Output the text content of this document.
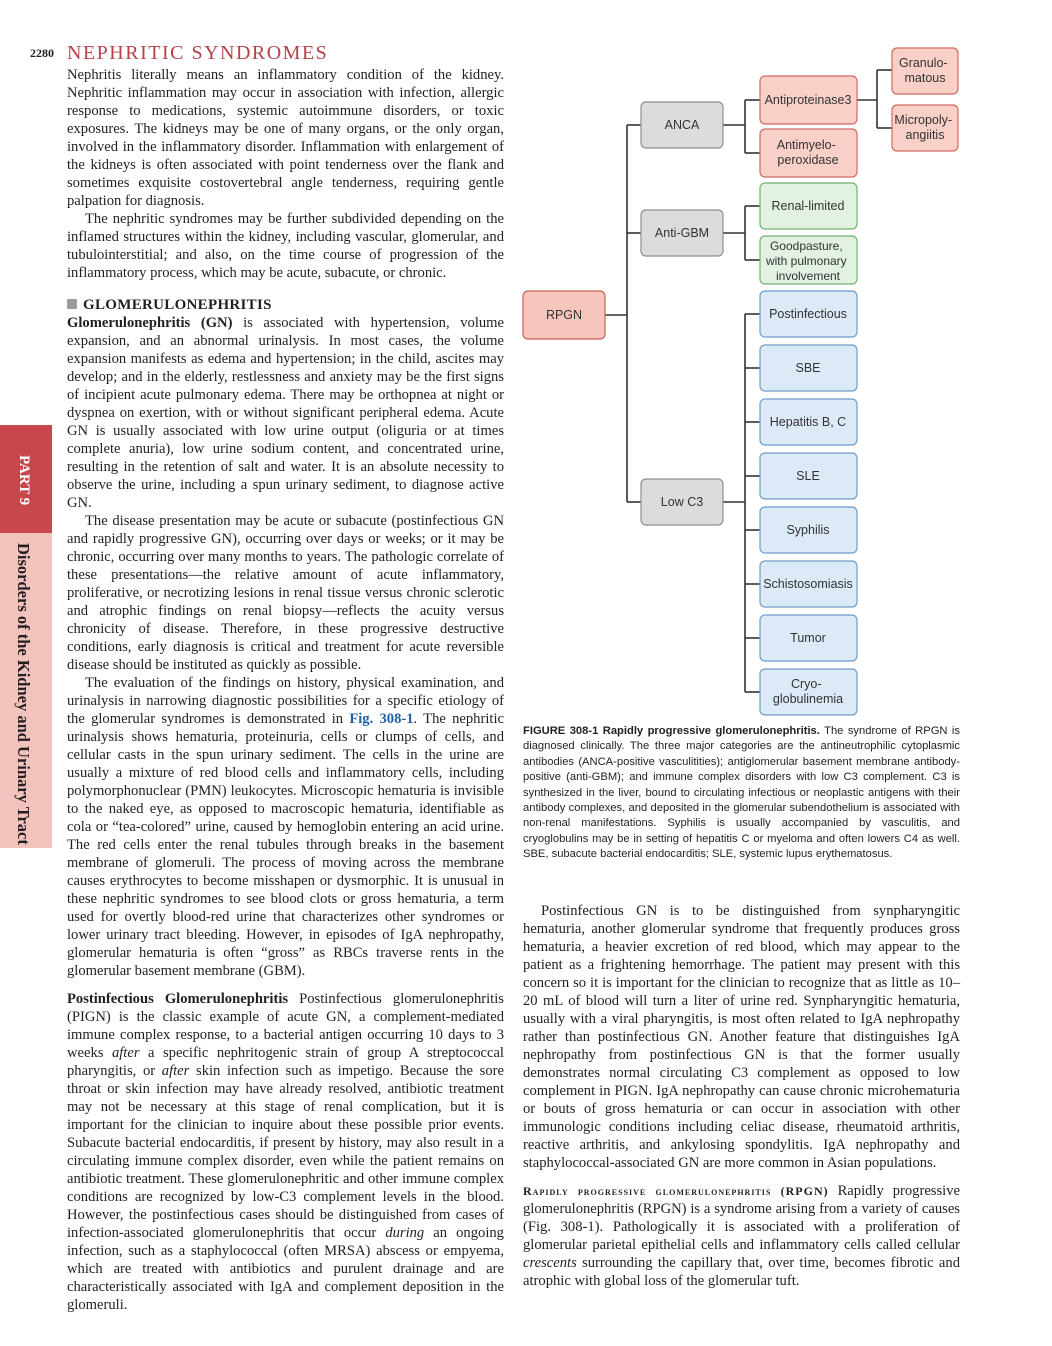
2280 NEPHRITIC SYNDROMES
PART 9
Disorders of the Kidney and Urinary Tract

Nephritis literally means an inflammatory condition of the kidney. Nephritic inflammation may occur in association with infection, allergic response to medications, systemic autoimmune disorders, or toxic exposures. The kidneys may be one of many organs, or the only organ, involved in the inflammatory disorder. Inflammation with enlargement of the kidneys is often associated with point tenderness over the flank and sometimes exquisite costovertebral angle tenderness, requiring gentle palpation for diagnosis.

The nephritic syndromes may be further subdivided depending on the inflamed structures within the kidney, including vascular, glomerular, and tubulointerstitial; and also, on the time course of progression of the inflammatory process, which may be acute, subacute, or chronic.

GLOMERULONEPHRITIS

Glomerulonephritis (GN) is associated with hypertension, volume expansion, and an abnormal urinalysis. In most cases, the volume expansion manifests as edema and hypertension; in the child, ascites may develop; and in the elderly, restlessness and anxiety may be the first signs of incipient acute pulmonary edema. There may be orthopnea at night or dyspnea on exertion, with or without significant peripheral edema. Acute GN is usually associated with low urine output (oliguria or at times complete anuria), low urine sodium content, and concentrated urine, resulting in the retention of salt and water. It is an absolute necessity to observe the urine, including a spun urinary sediment, to diagnose active GN.

The disease presentation may be acute or subacute (postinfectious GN and rapidly progressive GN), occurring over days or weeks; or it may be chronic, occurring over many months to years. The pathologic correlate of these presentations—the relative amount of acute inflammatory, proliferative, or necrotizing lesions in renal tissue versus chronic sclerotic and atrophic findings on renal biopsy—reflects the acuity versus chronicity of disease. Therefore, in these progressive destructive conditions, early diagnosis is critical and treatment for acute reversible disease should be instituted as quickly as possible.

The evaluation of the findings on history, physical examination, and urinalysis in narrowing diagnostic possibilities for a specific etiology of the glomerular syndromes is demonstrated in Fig. 308-1. The nephritic urinalysis shows hematuria, proteinuria, cells or clumps of cells, and cellular casts in the spun urinary sediment. The cells in the urine are usually a mixture of red blood cells and inflammatory cells, including polymorphonuclear (PMN) leukocytes. Microscopic hematuria is invisible to the naked eye, as opposed to macroscopic hematuria, identifiable as cola or “tea-colored” urine, caused by hemoglobin entering an acid urine. The red cells enter the renal tubules through breaks in the basement membrane of glomeruli. The process of moving across the membrane causes erythrocytes to become misshapen or dysmorphic. It is unusual in these nephritic syndromes to see blood clots or gross hematuria, a term used for overtly blood-red urine that characterizes other syndromes or lower urinary tract bleeding. However, in episodes of IgA nephropathy, glomerular hematuria is often “gross” as RBCs traverse rents in the glomerular basement membrane (GBM).

Postinfectious Glomerulonephritis Postinfectious glomerulonephritis (PIGN) is the classic example of acute GN, a complement-mediated immune complex response, to a bacterial antigen occurring 10 days to 3 weeks after a specific nephritogenic strain of group A streptococcal pharyngitis, or after skin infection such as impetigo. Because the sore throat or skin infection may have already resolved, antibiotic treatment may not be necessary at this stage of renal complication, but it is important for the clinician to inquire about these possible prior events. Subacute bacterial endocarditis, if present by history, may also result in a circulating immune complex disorder, even while the patient remains on antibiotic treatment. These glomerulonephritic and other immune complex conditions are recognized by low-C3 complement levels in the blood. However, the postinfectious cases should be distinguished from cases of infection-associated glomerulonephritis that occur during an ongoing infection, such as a staphylococcal (often MRSA) abscess or empyema, which are treated with antibiotics and purulent drainage and are characteristically associated with IgA and complement deposition in the glomeruli.

RPGN
ANCA
Anti-GBM
Low C3
Antiproteinase3
Antimyelo- peroxidase
Granulo- matous
Micropoly- angiitis
Renal-limited
Goodpasture, with pulmonary involvement
Postinfectious
SBE
Hepatitis B, C
SLE
Syphilis
Schistosomiasis
Tumor
Cryo- globulinemia
FIGURE 308-1 Rapidly progressive glomerulonephritis. The syndrome of RPGN is diagnosed clinically. The three major categories are the antineutrophilic cytoplasmic antibodies (ANCA-positive vasculitities); antiglomerular basement membrane antibody-positive (anti-GBM); and immune complex disorders with low C3 complement. C3 is synthesized in the liver, bound to circulating infectious or neoplastic antigens with their antibody complexes, and deposited in the glomerular subendothelium is associated with non-renal manifestations. Syphilis is usually accompanied by vasculitis, and cryoglobulins may be in setting of hepatitis C or myeloma and often lowers C4 as well. SBE, subacute bacterial endocarditis; SLE, systemic lupus erythematosus.

Postinfectious GN is to be distinguished from synpharyngitic hematuria, another glomerular syndrome that frequently produces gross hematuria, a heavier excretion of red blood, which may appear to the patient as a frightening hemorrhage. The patient may present with this concern so it is important for the clinician to recognize that as little as 10–20 mL of blood will turn a liter of urine red. Synpharyngitic hematuria, usually with a viral pharyngitis, is most often related to IgA nephropathy rather than postinfectious GN. Another feature that distinguishes IgA nephropathy from postinfectious GN is that the former usually demonstrates normal circulating C3 complement as opposed to low complement in PIGN. IgA nephropathy can cause chronic microhematuria or bouts of gross hematuria or can occur in association with other immunologic conditions including celiac disease, rheumatoid arthritis, reactive arthritis, and ankylosing spondylitis. IgA nephropathy and staphylococcal-associated GN are more common in Asian populations.

Rapidly progressive glomerulonephritis (RPGN) Rapidly progressive glomerulonephritis (RPGN) is a syndrome arising from a variety of causes (Fig. 308-1). Pathologically it is associated with a proliferation of glomerular parietal epithelial cells and inflammatory cells called cellular crescents surrounding the capillary that, over time, becomes fibrotic and atrophic with global loss of the glomerular tuft.
